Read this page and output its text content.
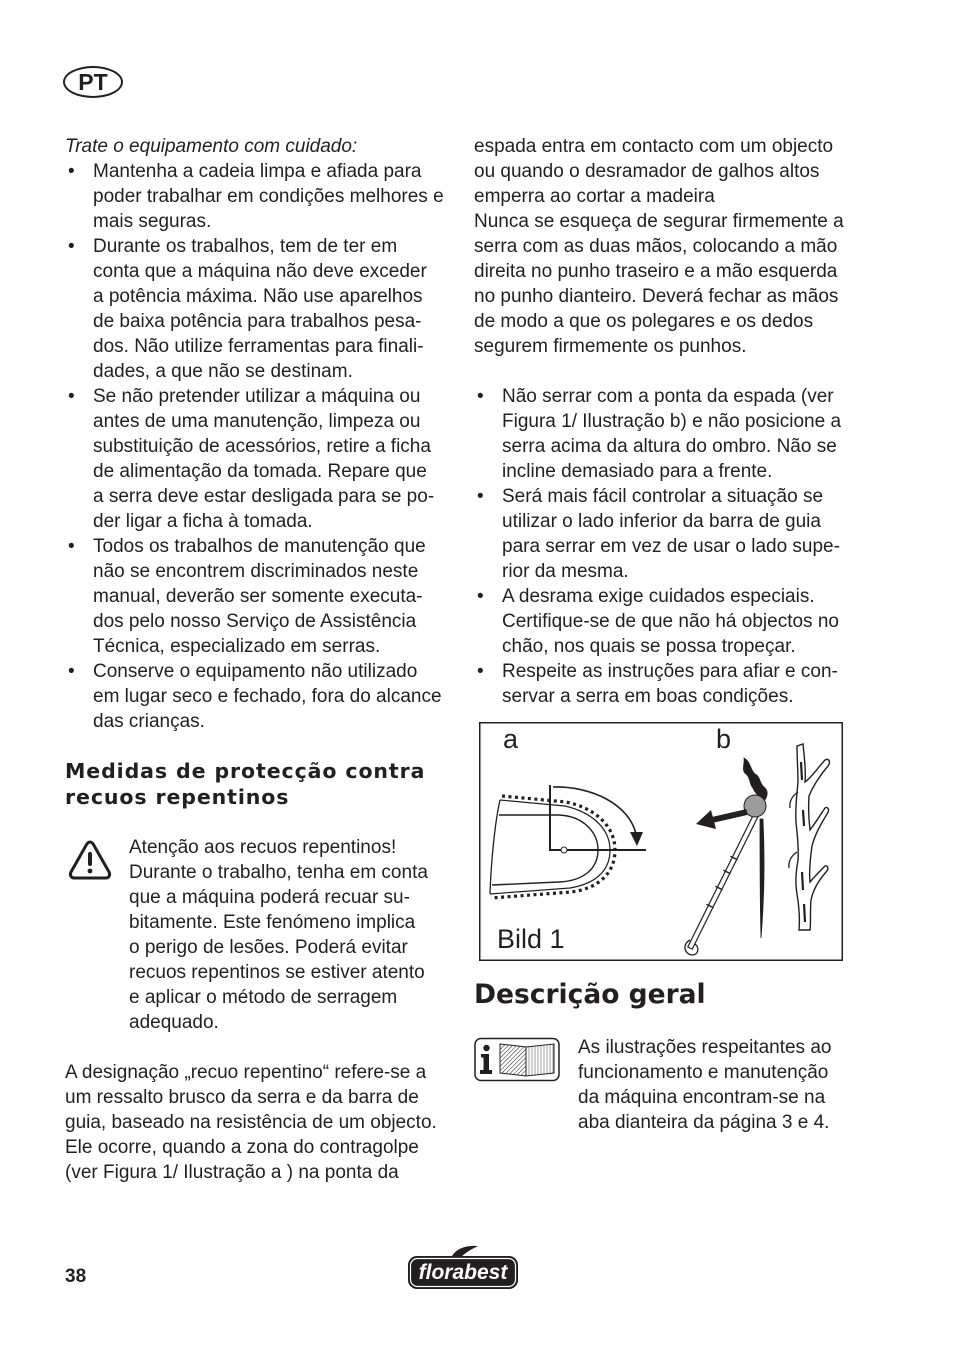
PT
Trate o equipamento com cuidado:
• Mantenha a cadeia limpa e afiada para
poder trabalhar em condições melhores e
mais seguras.
• Durante os trabalhos, tem de ter em
conta que a máquina não deve exceder
a potência máxima. Não use aparelhos
de baixa potência para trabalhos pesa-
dos. Não utilize ferramentas para finali-
dades, a que não se destinam.
• Se não pretender utilizar a máquina ou
antes de uma manutenção, limpeza ou
substituição de acessórios, retire a ficha
de alimentação da tomada. Repare que
a serra deve estar desligada para se po-
der ligar a ficha à tomada.
• Todos os trabalhos de manutenção que
não se encontrem discriminados neste
manual, deverão ser somente executa-
dos pelo nosso Serviço de Assistência
Técnica, especializado em serras.
• Conserve o equipamento não utilizado
em lugar seco e fechado, fora do alcance
das crianças.
Medidas de protecção contra
recuos repentinos
Atenção aos recuos repentinos!
Durante o trabalho, tenha em conta
que a máquina poderá recuar su-
bitamente. Este fenómeno implica
o perigo de lesões. Poderá evitar
recuos repentinos se estiver atento
e aplicar o método de serragem
adequado.
A designação „recuo repentino“ refere-se a
um ressalto brusco da serra e da barra de
guia, baseado na resistência de um objecto.
Ele ocorre, quando a zona do contragolpe
(ver Figura 1/ Ilustração a ) na ponta da
espada entra em contacto com um objecto
ou quando o desramador de galhos altos
emperra ao cortar a madeira
Nunca se esqueça de segurar firmemente a
serra com as duas mãos, colocando a mão
direita no punho traseiro e a mão esquerda
no punho dianteiro. Deverá fechar as mãos
de modo a que os polegares e os dedos
segurem firmemente os punhos.
• Não serrar com a ponta da espada (ver
Figura 1/ Ilustração b) e não posicione a
serra acima da altura do ombro. Não se
incline demasiado para a frente.
• Será mais fácil controlar a situação se
utilizar o lado inferior da barra de guia
para serrar em vez de usar o lado supe-
rior da mesma.
• A desrama exige cuidados especiais.
Certifique-se de que não há objectos no
chão, nos quais se possa tropeçar.
• Respeite as instruções para afiar e con-
servar a serra em boas condições.
a	b
Bild 1
Descrição geral
As ilustrações respeitantes ao
funcionamento e manutenção
da máquina encontram-se na
aba dianteira da página 3 e 4.
38	florabest
